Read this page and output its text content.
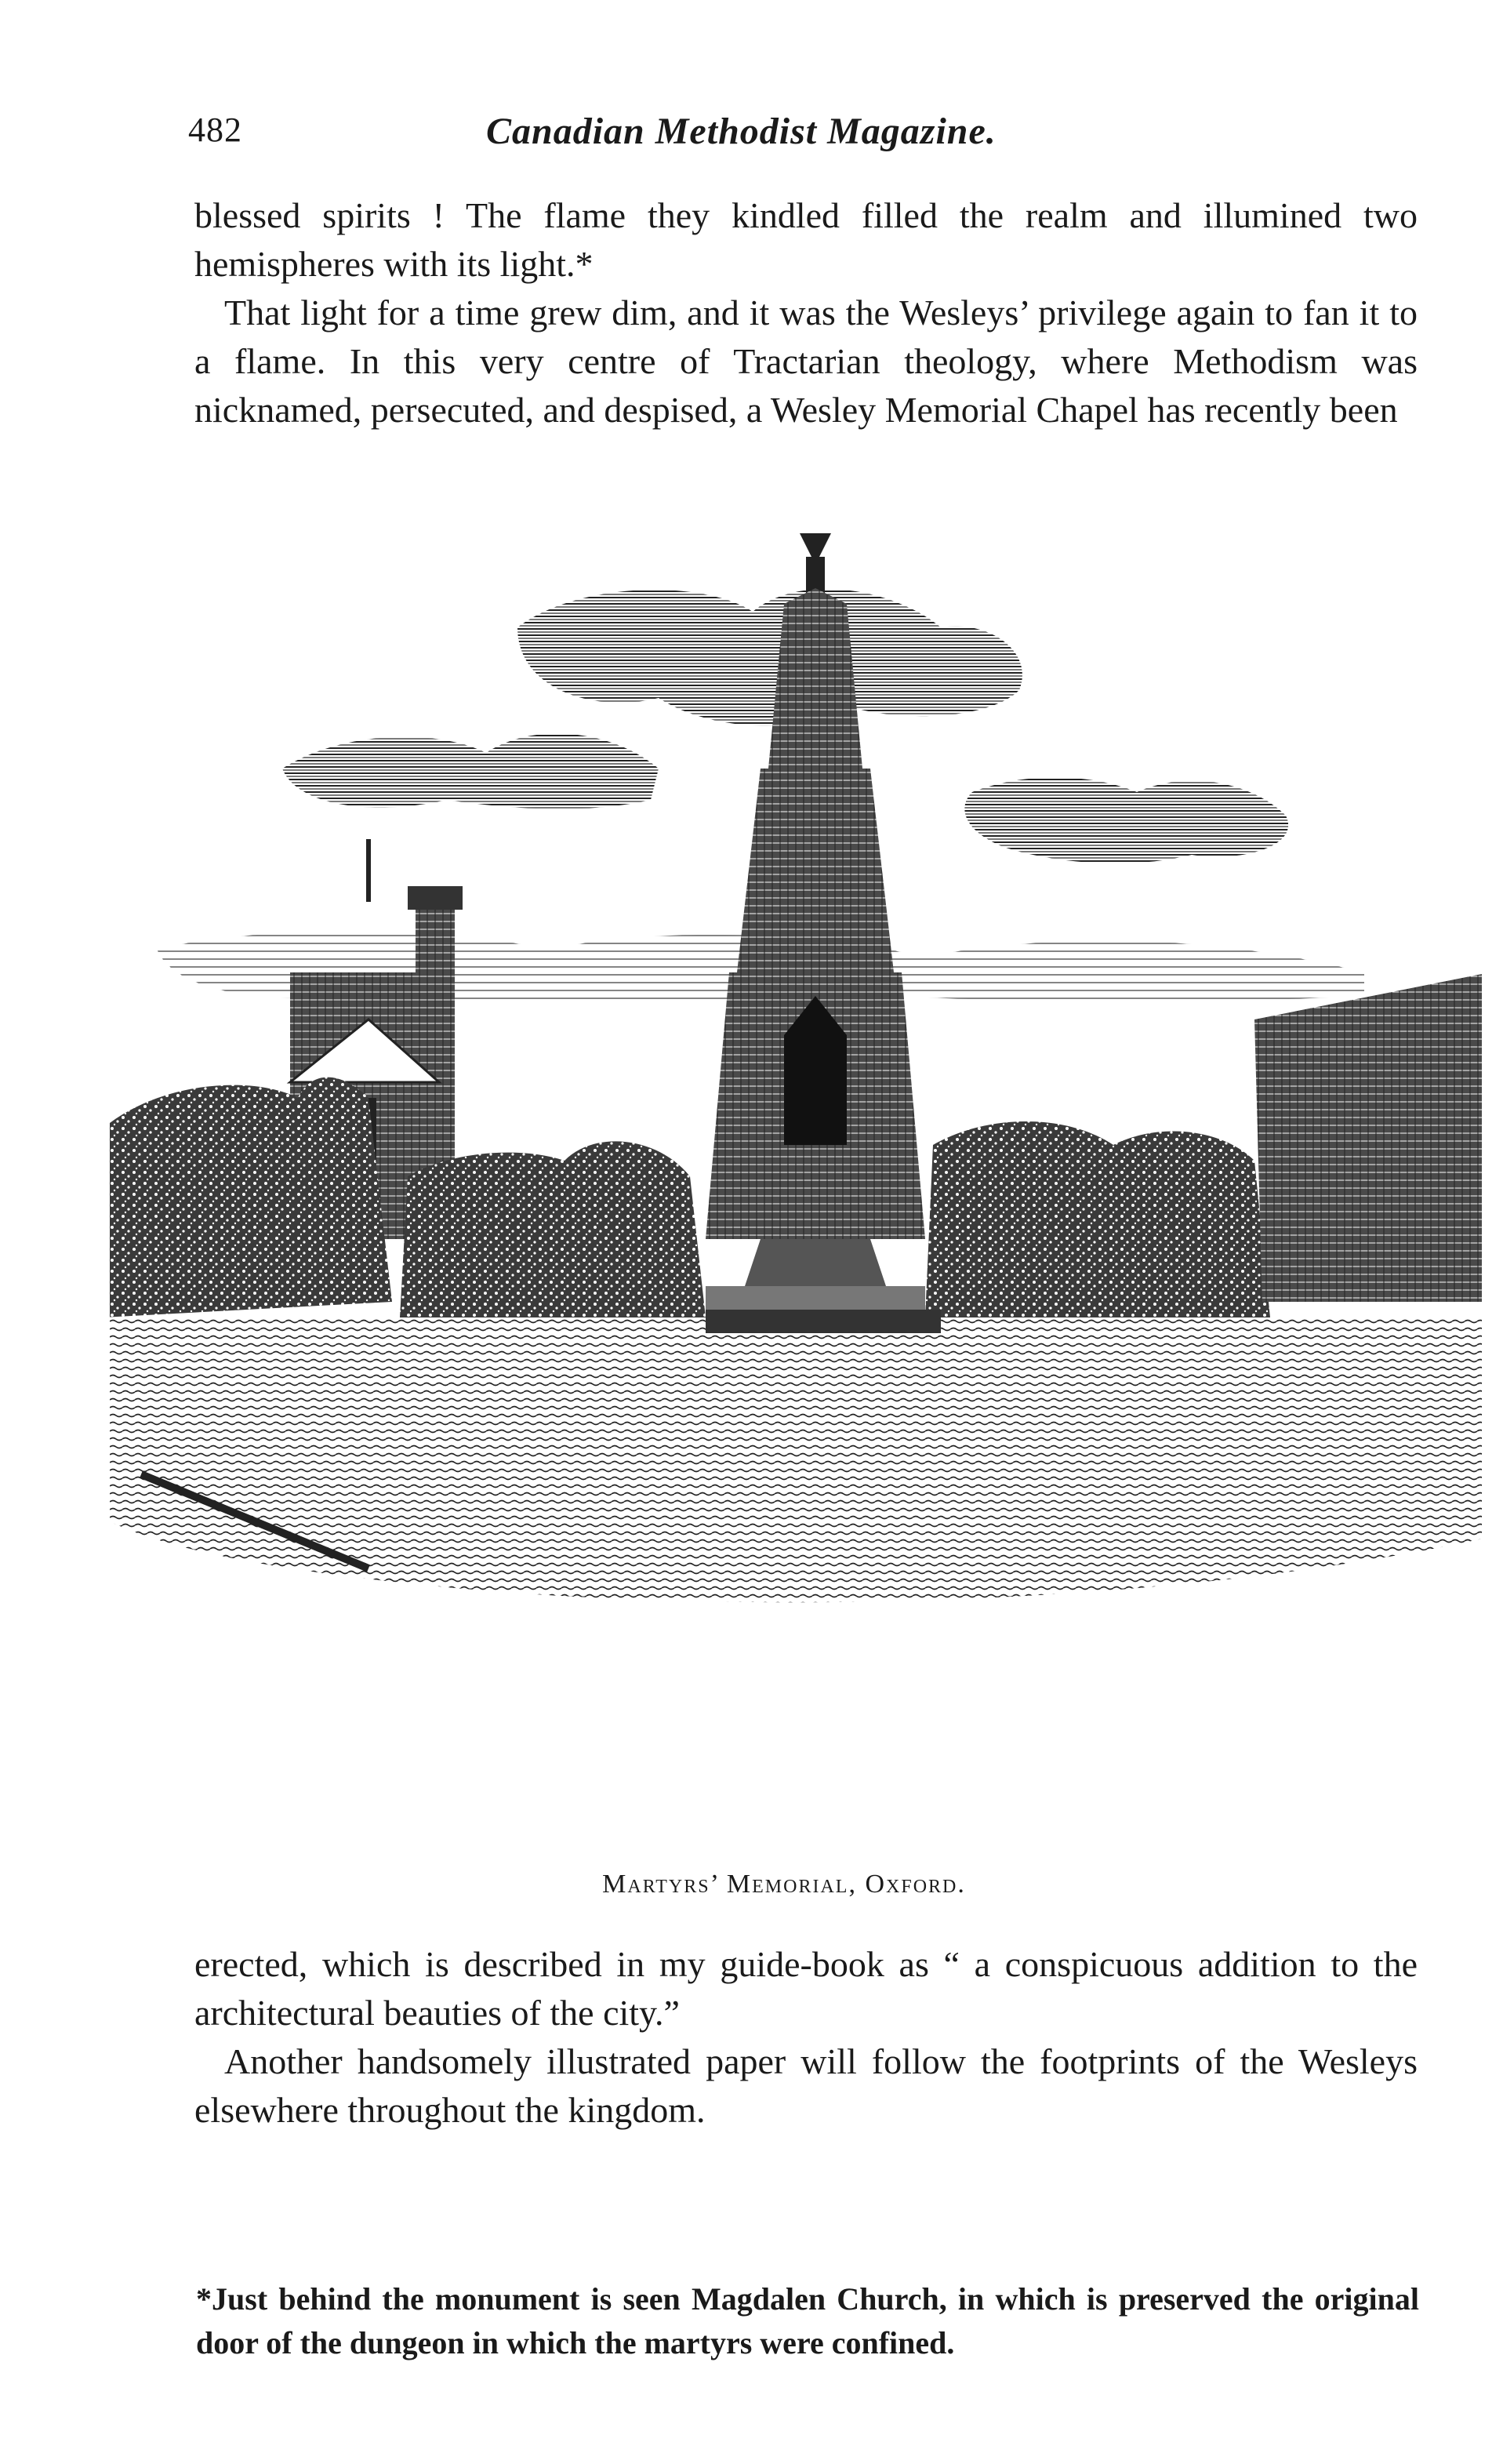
482	Canadian Methodist Magazine.

blessed spirits ! The flame they kindled filled the realm and illumined two hemispheres with its light.*

That light for a time grew dim, and it was the Wesleys’ privilege again to fan it to a flame. In this very centre of Tractarian theology, where Methodism was nicknamed, persecuted, and despised, a Wesley Memorial Chapel has recently been

Martyrs’ Memorial, Oxford.

erected, which is described in my guide-book as “ a conspicuous addition to the architectural beauties of the city.”

Another handsomely illustrated paper will follow the footprints of the Wesleys elsewhere throughout the kingdom.

*Just behind the monument is seen Magdalen Church, in which is preserved the original door of the dungeon in which the martyrs were confined.
